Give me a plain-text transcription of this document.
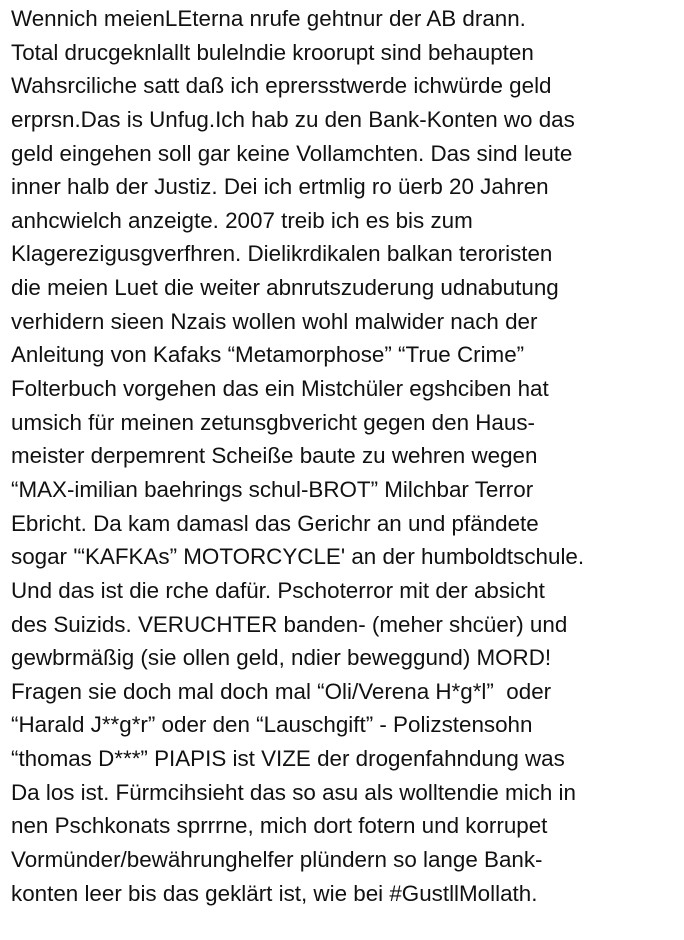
Wennich meienLEterna nrufe gehtnur der AB drann.
Total drucgeknlallt bulelndie kroorupt sind behaupten
Wahsrciliche satt daß ich eprersstwerde ichwürde geld
erprsn.Das is Unfug.Ich hab zu den Bank-Konten wo das
geld eingehen soll gar keine Vollamchten. Das sind leute
inner halb der Justiz. Dei ich ertmlig ro üerb 20 Jahren
anhcwielch anzeigte. 2007 treib ich es bis zum
Klagerezigusgverfhren. Dielikrdikalen balkan teroristen
die meien Luet die weiter abnrutszuderung udnabutung
verhidern sieen Nzais wollen wohl malwider nach der
Anleitung von Kafaks “Metamorphose” “True Crime”
Folterbuch vorgehen das ein Mistchüler egshciben hat
umsich für meinen zetunsgbvericht gegen den Haus-
meister derpemrent Scheiße baute zu wehren wegen
“MAX-imilian baehrings schul-BROT” Milchbar Terror
Ebricht. Da kam damasl das Gerichr an und pfändete
sogar '“KAFKAs” MOTORCYCLE' an der humboldtschule.
Und das ist die rche dafür. Pschoterror mit der absicht
des Suizids. VERUCHTER banden- (meher shcüer) und
gewbrmäßig (sie ollen geld, ndier beweggund) MORD!
Fragen sie doch mal doch mal “Oli/Verena H*g*l”  oder
“Harald J**g*r” oder den “Lauschgift” - Polizstensohn
“thomas D***” PIAPIS ist VIZE der drogenfahndung was
Da los ist. Fürmcihsieht das so asu als wolltendie mich in
nen Pschkonats sprrrne, mich dort fotern und korrupet
Vormünder/bewährunghelfer plündern so lange Bank-
konten leer bis das geklärt ist, wie bei #GustllMollath.
